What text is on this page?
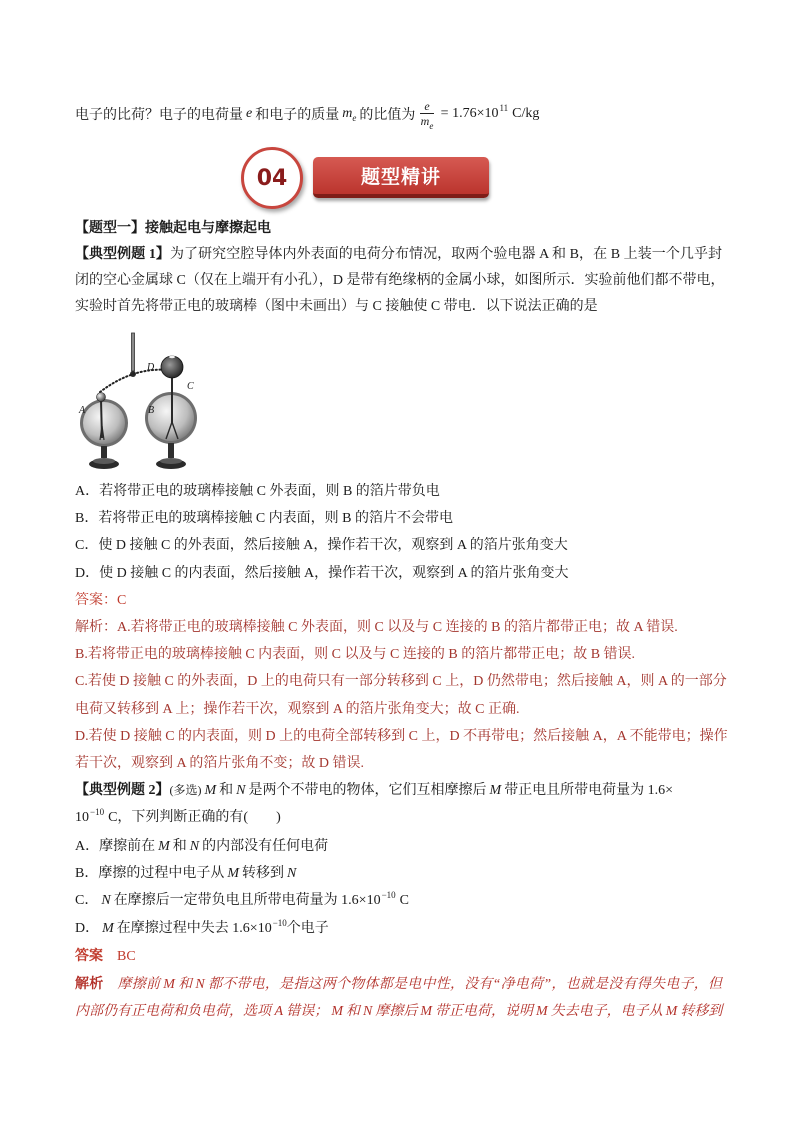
电子的比荷？电子的电荷量 e 和电子的质量 $m_e$ 的比值为 $\frac{e}{m_e} = 1.76\times 10^{11}$ C/kg
04	题型精讲
【题型一】接触起电与摩擦起电
【典型例题 1】为了研究空腔导体内外表面的电荷分布情况，取两个验电器 A 和 B，在 B 上装一个几乎封
闭的空心金属球 C（仅在上端开有小孔），D 是带有绝缘柄的金属小球，如图所示．实验前他们都不带电，
实验时首先将带正电的玻璃棒（图中未画出）与 C 接触使 C 带电．以下说法正确的是
D
C
A	B
A．若将带正电的玻璃棒接触 C 外表面，则 B 的箔片带负电
B．若将带正电的玻璃棒接触 C 内表面，则 B 的箔片不会带电
C．使 D 接触 C 的外表面，然后接触 A，操作若干次，观察到 A 的箔片张角变大
D．使 D 接触 C 的内表面，然后接触 A，操作若干次，观察到 A 的箔片张角变大
答案：C
解析：A.若将带正电的玻璃棒接触 C 外表面，则 C 以及与 C 连接的 B 的箔片都带正电；故 A 错误.
B.若将带正电的玻璃棒接触 C 内表面，则 C 以及与 C 连接的 B 的箔片都带正电；故 B 错误.
C.若使 D 接触 C 的外表面，D 上的电荷只有一部分转移到 C 上，D 仍然带电；然后接触 A，则 A 的一部分
电荷又转移到 A 上；操作若干次，观察到 A 的箔片张角变大；故 C 正确.
D.若使 D 接触 C 的内表面，则 D 上的电荷全部转移到 C 上，D 不再带电；然后接触 A，A 不能带电；操作
若干次，观察到 A 的箔片张角不变；故 D 错误.
【典型例题 2】(多选) M 和 N 是两个不带电的物体，它们互相摩擦后 M 带正电且所带电荷量为 1.6×
$10^{-10}$ C，下列判断正确的有(　　)
A．摩擦前在 M 和 N 的内部没有任何电荷
B．摩擦的过程中电子从 M 转移到 N
C． N 在摩擦后一定带负电且所带电荷量为 $1.6\times 10^{-10}$ C
D． M 在摩擦过程中失去 $1.6\times 10^{-10}$个电子
答案 BC
解析 摩擦前 M 和 N 都不带电，是指这两个物体都是电中性，没有“净电荷”，也就是没有得失电子，但
内部仍有正电荷和负电荷，选项 A 错误； M 和 N 摩擦后 M 带正电荷，说明 M 失去电子，电子从 M 转移到
